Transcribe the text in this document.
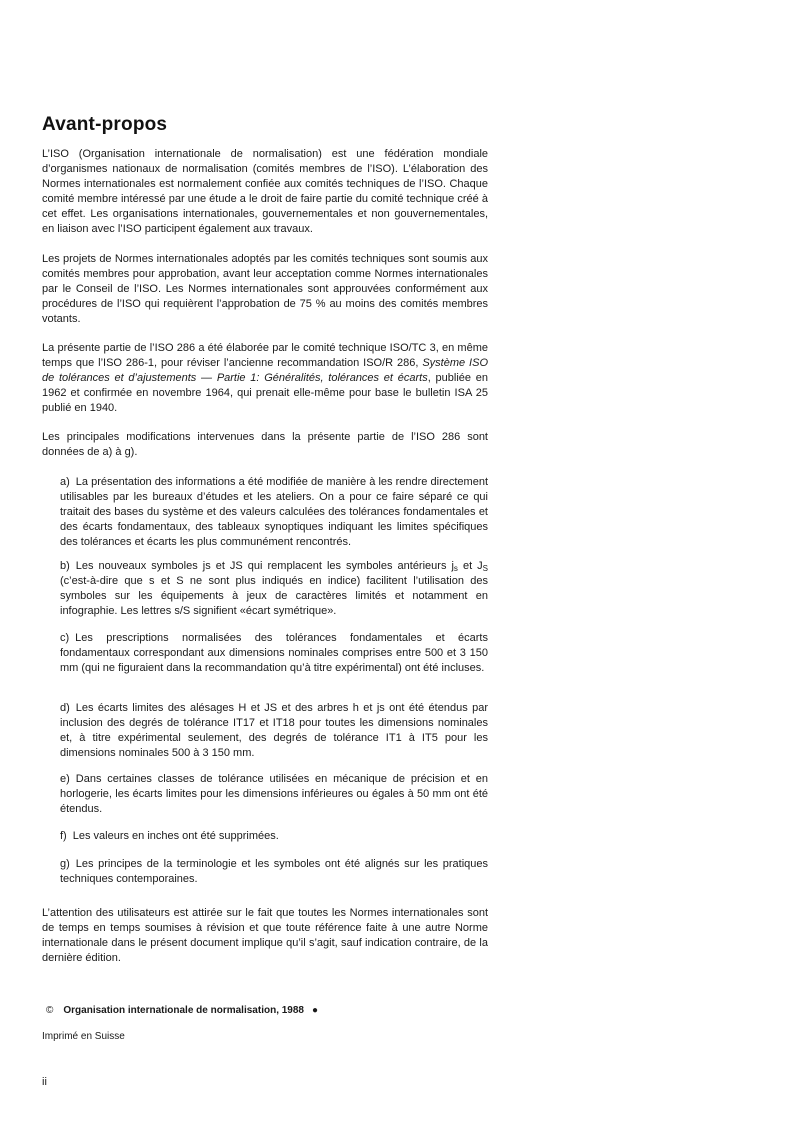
Avant-propos

L’ISO (Organisation internationale de normalisation) est une fédération mondiale d’organismes nationaux de normalisation (comités membres de l’ISO). L’élaboration des Normes internationales est normalement confiée aux comités techniques de l’ISO. Chaque comité membre intéressé par une étude a le droit de faire partie du comité technique créé à cet effet. Les organisations internationales, gouvernementales et non gouvernementales, en liaison avec l’ISO participent également aux travaux.

Les projets de Normes internationales adoptés par les comités techniques sont soumis aux comités membres pour approbation, avant leur acceptation comme Normes internationales par le Conseil de l’ISO. Les Normes internationales sont approuvées conformément aux procédures de l’ISO qui requièrent l’approbation de 75 % au moins des comités membres votants.

La présente partie de l’ISO 286 a été élaborée par le comité technique ISO/TC 3, en même temps que l’ISO 286-1, pour réviser l’ancienne recommandation ISO/R 286, Système ISO de tolérances et d’ajustements — Partie 1: Généralités, tolérances et écarts, publiée en 1962 et confirmée en novembre 1964, qui prenait elle-même pour base le bulletin ISA 25 publié en 1940.

Les principales modifications intervenues dans la présente partie de l’ISO 286 sont données de a) à g).

a) La présentation des informations a été modifiée de manière à les rendre directement utilisables par les bureaux d’études et les ateliers. On a pour ce faire séparé ce qui traitait des bases du système et des valeurs calculées des tolérances fondamentales et des écarts fondamentaux, des tableaux synoptiques indiquant les limites spécifiques des tolérances et écarts les plus communément rencontrés.

b) Les nouveaux symboles js et JS qui remplacent les symboles antérieurs $j_s$ et $J_S$ (c’est-à-dire que s et S ne sont plus indiqués en indice) facilitent l’utilisation des symboles sur les équipements à jeux de caractères limités et notamment en infographie. Les lettres s/S signifient «écart symétrique».

c) Les prescriptions normalisées des tolérances fondamentales et écarts fondamentaux correspondant aux dimensions nominales comprises entre 500 et 3 150 mm (qui ne figuraient dans la recommandation qu’à titre expérimental) ont été incluses.

d) Les écarts limites des alésages H et JS et des arbres h et js ont été étendus par inclusion des degrés de tolérance IT17 et IT18 pour toutes les dimensions nominales et, à titre expérimental seulement, des degrés de tolérance IT1 à IT5 pour les dimensions nominales 500 à 3 150 mm.

e) Dans certaines classes de tolérance utilisées en mécanique de précision et en horlogerie, les écarts limites pour les dimensions inférieures ou égales à 50 mm ont été étendus.

f) Les valeurs en inches ont été supprimées.

g) Les principes de la terminologie et les symboles ont été alignés sur les pratiques techniques contemporaines.

L’attention des utilisateurs est attirée sur le fait que toutes les Normes internationales sont de temps en temps soumises à révision et que toute référence faite à une autre Norme internationale dans le présent document implique qu’il s’agit, sauf indication contraire, de la dernière édition.

© Organisation internationale de normalisation, 1988 ●
Imprimé en Suisse
ii
